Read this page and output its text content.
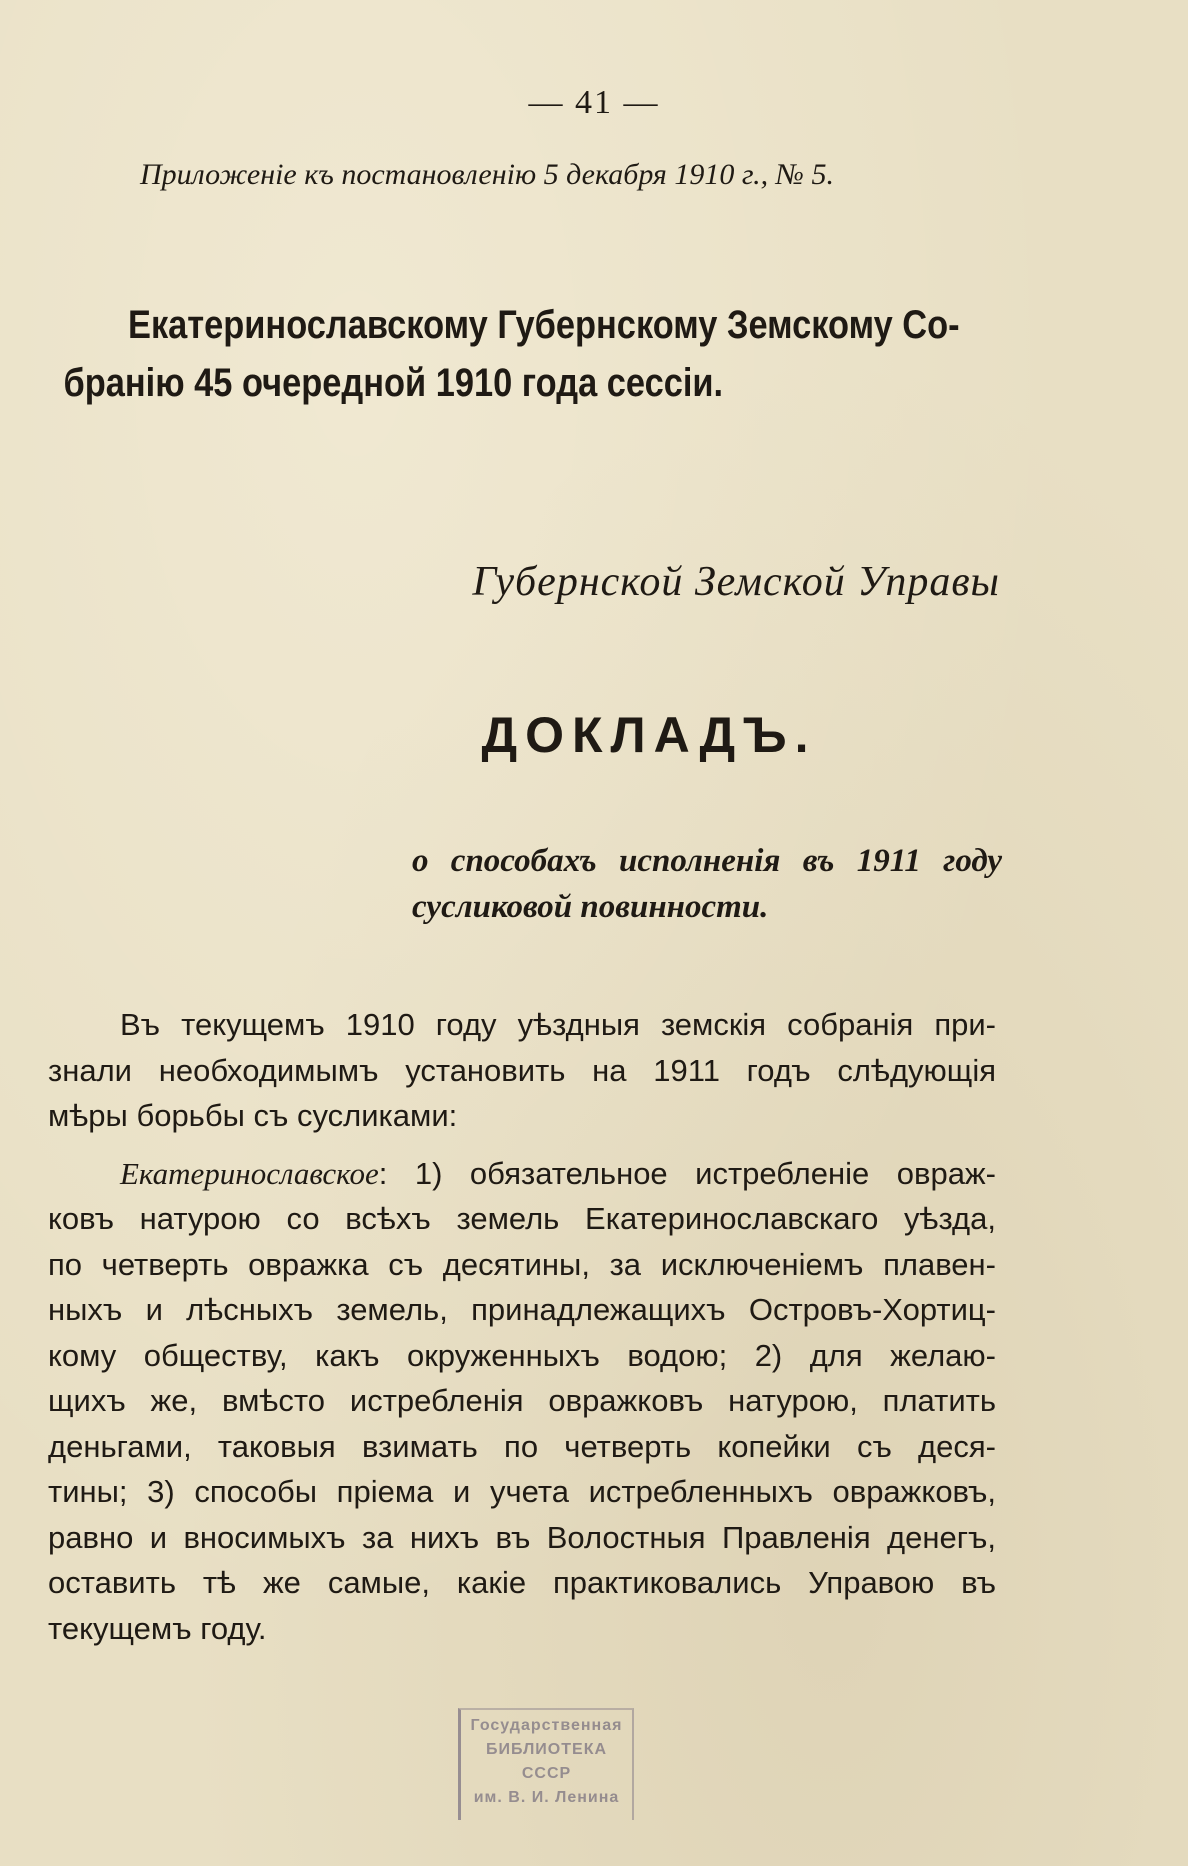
— 41 —
Приложеніе къ постановленію 5 декабря 1910 г., № 5.
Екатеринославскому Губернскому Земскому Со-
бранію 45 очередной 1910 года сессіи.
Губернской Земской Управы
ДОКЛАДЪ.
о способахъ исполненія въ 1911 году
сусликовой повинности.
Въ текущемъ 1910 году уѣздныя земскія собранія при-
знали необходимымъ установить на 1911 годъ слѣдующія
мѣры борьбы съ сусликами:
Екатеринославское: 1) обязательное истребленіе овраж-
ковъ натурою со всѣхъ земель Екатеринославскаго уѣзда,
по четверть овражка съ десятины, за исключеніемъ плавен-
ныхъ и лѣсныхъ земель, принадлежащихъ Островъ-Хортиц-
кому обществу, какъ окруженныхъ водою; 2) для желаю-
щихъ же, вмѣсто истребленія овражковъ натурою, платить
деньгами, таковыя взимать по четверть копейки съ деся-
тины; 3) способы пріема и учета истребленныхъ овражковъ,
равно и вносимыхъ за нихъ въ Волостныя Правленія денегъ,
оставить тѣ же самые, какіе практиковались Управою въ
текущемъ году.
Государственная
БИБЛИОТЕКА
СССР
им. В. И. Ленина
